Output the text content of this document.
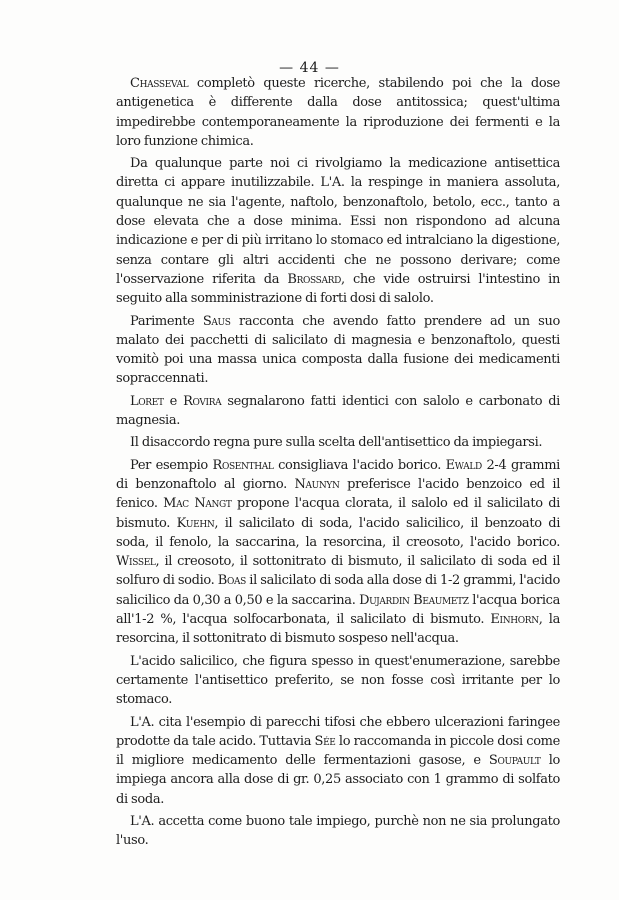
— 44 —

Chasseval completò queste ricerche, stabilendo poi che la dose antigenetica è differente dalla dose antitossica; quest'ultima impedirebbe contemporaneamente la riproduzione dei fermenti e la loro funzione chimica.

Da qualunque parte noi ci rivolgiamo la medicazione antisettica diretta ci appare inutilizzabile. L'A. la respinge in maniera assoluta, qualunque ne sia l'agente, naftolo, benzonaftolo, betolo, ecc., tanto a dose elevata che a dose minima. Essi non rispondono ad alcuna indicazione e per di più irritano lo stomaco ed intralciano la digestione, senza contare gli altri accidenti che ne possono derivare; come l'osservazione riferita da Brossard, che vide ostruirsi l'intestino in seguito alla somministrazione di forti dosi di salolo.

Parimente Saus racconta che avendo fatto prendere ad un suo malato dei pacchetti di salicilato di magnesia e benzonaftolo, questi vomitò poi una massa unica composta dalla fusione dei medicamenti sopraccennati.

Loret e Rovira segnalarono fatti identici con salolo e carbonato di magnesia.

Il disaccordo regna pure sulla scelta dell'antisettico da impiegarsi.

Per esempio Rosenthal consigliava l'acido borico. Ewald 2-4 grammi di benzonaftolo al giorno. Naunyn preferisce l'acido benzoico ed il fenico. Mac Nangt propone l'acqua clorata, il salolo ed il salicilato di bismuto. Kuehn, il salicilato di soda, l'acido salicilico, il benzoato di soda, il fenolo, la saccarina, la resorcina, il creosoto, l'acido borico. Wissel, il creosoto, il sottonitrato di bismuto, il salicilato di soda ed il solfuro di sodio. Boas il salicilato di soda alla dose di 1-2 grammi, l'acido salicilico da 0,30 a 0,50 e la saccarina. Dujardin Beaumetz l'acqua borica all'1-2 %, l'acqua solfocarbonata, il salicilato di bismuto. Einhorn, la resorcina, il sottonitrato di bismuto sospeso nell'acqua.

L'acido salicilico, che figura spesso in quest'enumerazione, sarebbe certamente l'antisettico preferito, se non fosse così irritante per lo stomaco.

L'A. cita l'esempio di parecchi tifosi che ebbero ulcerazioni faringee prodotte da tale acido. Tuttavia Sée lo raccomanda in piccole dosi come il migliore medicamento delle fermentazioni gasose, e Soupault lo impiega ancora alla dose di gr. 0,25 associato con 1 grammo di solfato di soda.

L'A. accetta come buono tale impiego, purchè non ne sia prolungato l'uso.
